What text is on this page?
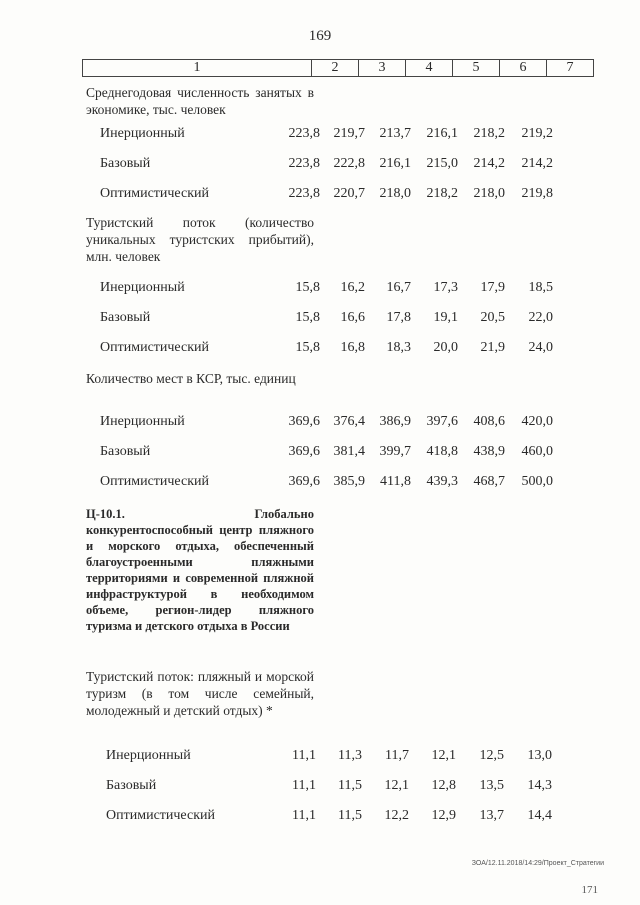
169
1	2	3	4	5	6	7
Среднегодовая численность занятых в экономике, тыс. человек
Инерционный	223,8 219,7	213,7	216,1	218,2	219,2
Базовый	223,8 222,8	216,1	215,0	214,2	214,2
Оптимистический	223,8 220,7	218,0	218,2	218,0	219,8
Туристский поток (количество уникальных туристских прибытий), млн. человек
Инерционный	15,8	16,2	16,7	17,3	17,9	18,5
Базовый	15,8	16,6	17,8	19,1	20,5	22,0
Оптимистический	15,8	16,8	18,3	20,0	21,9	24,0
Количество мест в КСР, тыс. единиц
Инерционный	369,6 376,4	386,9	397,6	408,6	420,0
Базовый	369,6 381,4	399,7	418,8	438,9	460,0
Оптимистический	369,6 385,9	411,8	439,3	468,7	500,0
Ц-10.1. Глобально конкурентоспособный центр пляжного и морского отдыха, обеспеченный благоустроенными пляжными территориями и современной пляжной инфраструктурой в необходимом объеме, регион-лидер пляжного туризма и детского отдыха в России
Туристский поток: пляжный и морской туризм (в том числе семейный, молодежный и детский отдых) *
Инерционный	11,1	11,3	11,7	12,1	12,5	13,0
Базовый	11,1	11,5	12,1	12,8	13,5	14,3
Оптимистический	11,1	11,5	12,2	12,9	13,7	14,4
ЗОА/12.11.2018/14:29/Проект_Стратегии
171
